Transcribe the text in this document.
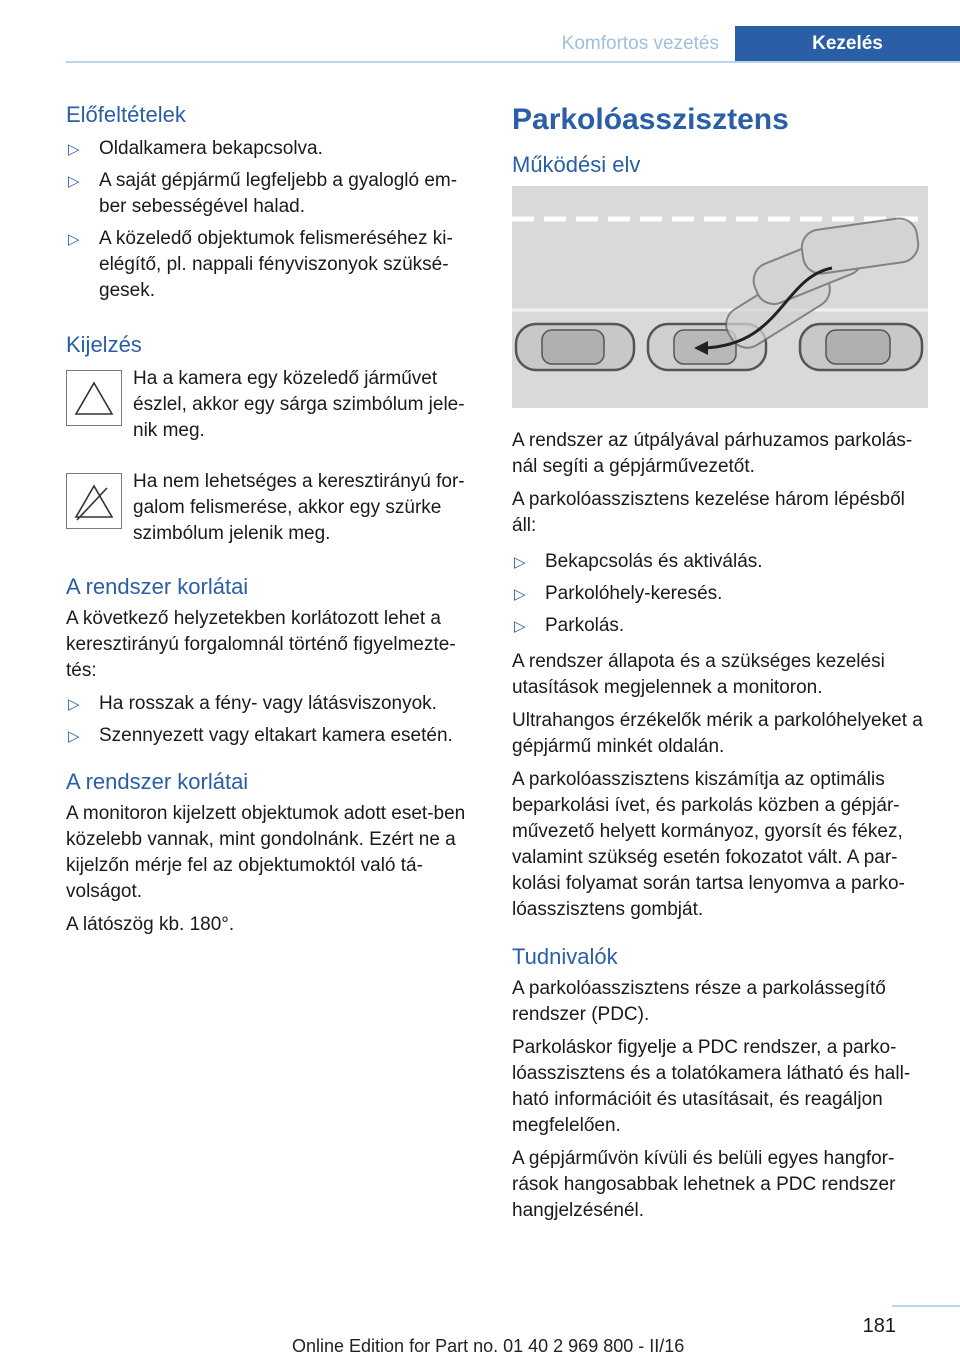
Komfortos vezetés	Kezelés
Előfeltételek
▷ Oldalkamera bekapcsolva.
▷ A saját gépjármű legfeljebb a gyalogló em-ber sebességével halad.
▷ A közeledő objektumok felismeréséhez ki-elégítő, pl. nappali fényviszonyok szüksé-gesek.
Kijelzés
Ha a kamera egy közeledő járművet észlel, akkor egy sárga szimbólum jele-nik meg.
Ha nem lehetséges a keresztirányú for-galom felismerése, akkor egy szürke szimbólum jelenik meg.
A rendszer korlátai
A következő helyzetekben korlátozott lehet a keresztirányú forgalomnál történő figyelmezte-tés:
▷ Ha rosszak a fény- vagy látásviszonyok.
▷ Szennyezett vagy eltakart kamera esetén.
A rendszer korlátai
A monitoron kijelzett objektumok adott eset-ben közelebb vannak, mint gondolnánk. Ezért ne a kijelzőn mérje fel az objektumoktól való tá-volságot.
A látószög kb. 180°.
Parkolóasszisztens
Működési elv
A rendszer az útpályával párhuzamos parkolás-nál segíti a gépjárművezetőt.
A parkolóasszisztens kezelése három lépésből áll:
▷ Bekapcsolás és aktiválás.
▷ Parkolóhely-keresés.
▷ Parkolás.
A rendszer állapota és a szükséges kezelési utasítások megjelennek a monitoron.
Ultrahangos érzékelők mérik a parkolóhelyeket a gépjármű minkét oldalán.
A parkolóasszisztens kiszámítja az optimális beparkolási ívet, és parkolás közben a gépjár-művezető helyett kormányoz, gyorsít és fékez, valamint szükség esetén fokozatot vált. A par-kolási folyamat során tartsa lenyomva a parko-lóasszisztens gombját.
Tudnivalók
A parkolóasszisztens része a parkolássegítő rendszer (PDC).
Parkoláskor figyelje a PDC rendszer, a parko-lóasszisztens és a tolatókamera látható és hall-ható információit és utasításait, és reagáljon megfelelően.
A gépjárművön kívüli és belüli egyes hangfor-rások hangosabbak lehetnek a PDC rendszer hangjelzésénél.
181
Online Edition for Part no. 01 40 2 969 800 - II/16
